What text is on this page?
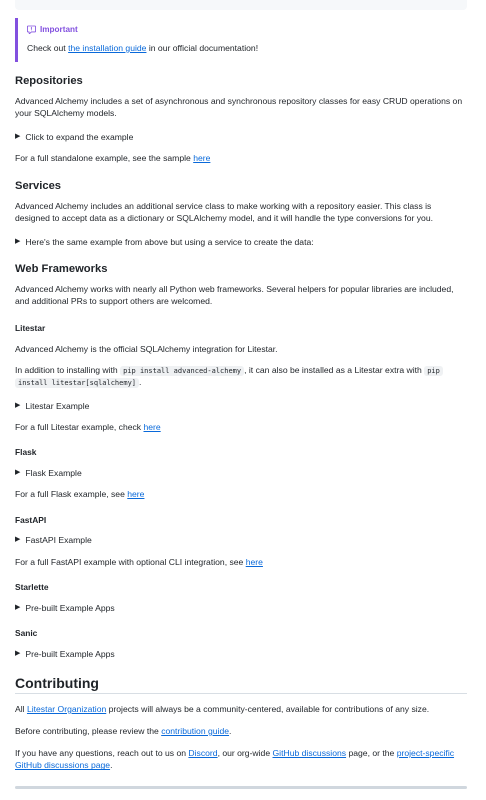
Important
Check out the installation guide in our official documentation!
Repositories
Advanced Alchemy includes a set of asynchronous and synchronous repository classes for easy CRUD operations on your SQLAlchemy models.
▶ Click to expand the example
For a full standalone example, see the sample here
Services
Advanced Alchemy includes an additional service class to make working with a repository easier. This class is designed to accept data as a dictionary or SQLAlchemy model, and it will handle the type conversions for you.
▶ Here's the same example from above but using a service to create the data:
Web Frameworks
Advanced Alchemy works with nearly all Python web frameworks. Several helpers for popular libraries are included, and additional PRs to support others are welcomed.
Litestar
Advanced Alchemy is the official SQLAlchemy integration for Litestar.
In addition to installing with pip install advanced-alchemy , it can also be installed as a Litestar extra with pip install litestar[sqlalchemy] .
▶ Litestar Example
For a full Litestar example, check here
Flask
▶ Flask Example
For a full Flask example, see here
FastAPI
▶ FastAPI Example
For a full FastAPI example with optional CLI integration, see here
Starlette
▶ Pre-built Example Apps
Sanic
▶ Pre-built Example Apps
Contributing
All Litestar Organization projects will always be a community-centered, available for contributions of any size.
Before contributing, please review the contribution guide.
If you have any questions, reach out to us on Discord, our org-wide GitHub discussions page, or the project-specific GitHub discussions page.
